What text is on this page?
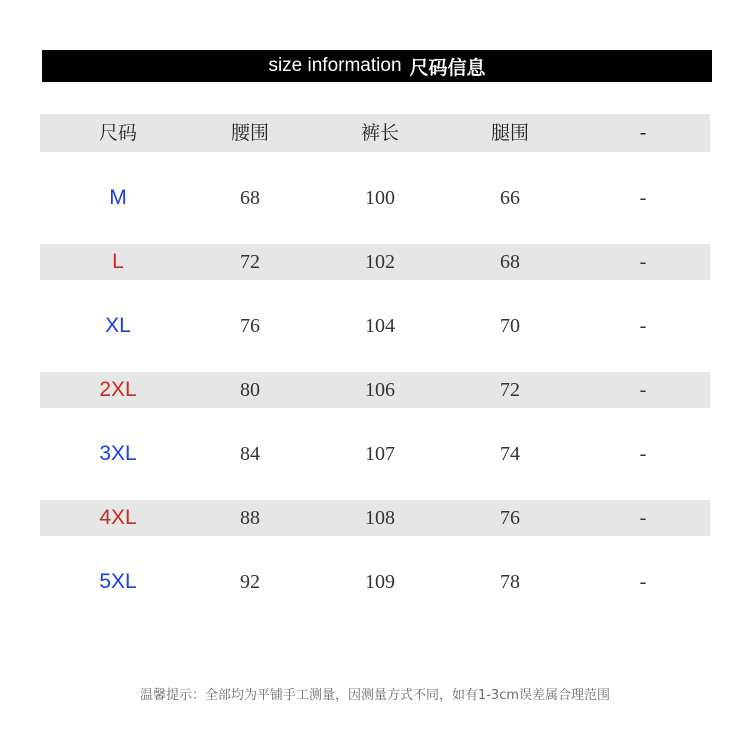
size information 尺码信息
尺码	腰围	裤长	腿围	-
M	68	100	66	-
L	72	102	68	-
XL	76	104	70	-
2XL	80	106	72	-
3XL	84	107	74	-
4XL	88	108	76	-
5XL	92	109	78	-
温馨提示：全部均为平铺手工测量，因测量方式不同，如有1-3cm误差属合理范围
